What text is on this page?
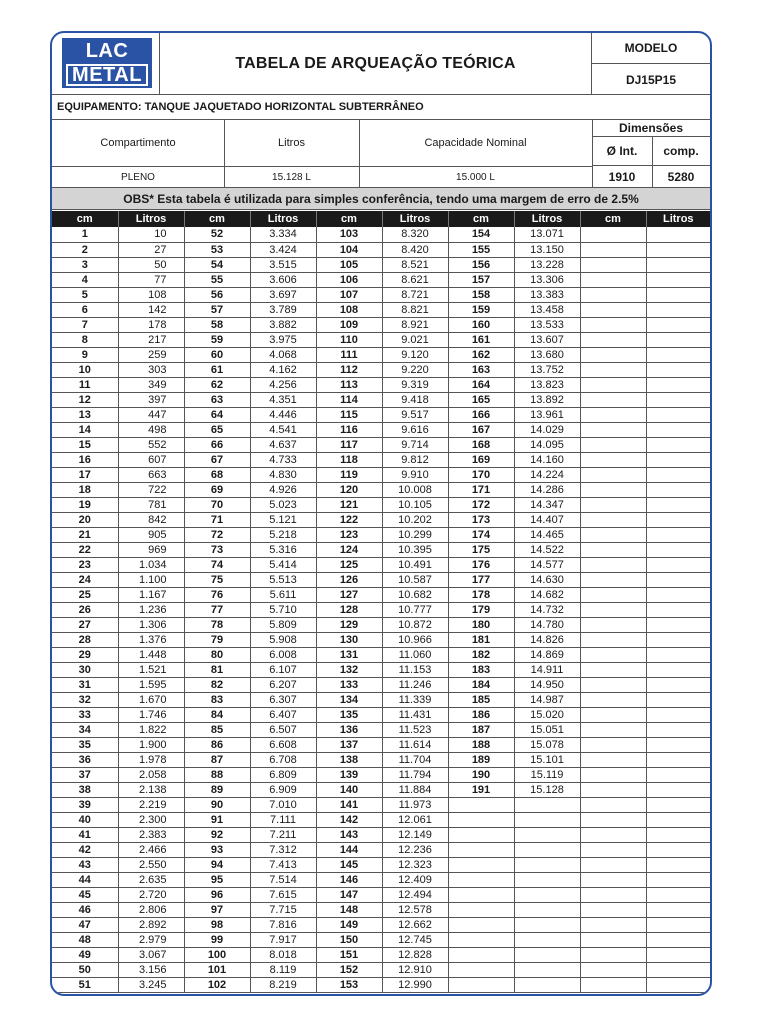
LAC
METAL
TABELA DE ARQUEAÇÃO TEÓRICA
MODELO
DJ15P15
EQUIPAMENTO: TANQUE JAQUETADO HORIZONTAL SUBTERRÂNEO
Compartimento	Litros	Capacidade Nominal
Dimensões
Ø Int.	comp.
PLENO	15.128 L	15.000 L	1910	5280
OBS* Esta tabela é utilizada para simples conferência, tendo uma margem de erro de 2.5%
cm	Litros	cm	Litros	cm	Litros	cm	Litros	cm	Litros
1	10	52	3.334	103	8.320	154	13.071		
2	27	53	3.424	104	8.420	155	13.150		
3	50	54	3.515	105	8.521	156	13.228		
4	77	55	3.606	106	8.621	157	13.306		
5	108	56	3.697	107	8.721	158	13.383		
6	142	57	3.789	108	8.821	159	13.458		
7	178	58	3.882	109	8.921	160	13.533		
8	217	59	3.975	110	9.021	161	13.607		
9	259	60	4.068	111	9.120	162	13.680		
10	303	61	4.162	112	9.220	163	13.752		
11	349	62	4.256	113	9.319	164	13.823		
12	397	63	4.351	114	9.418	165	13.892		
13	447	64	4.446	115	9.517	166	13.961		
14	498	65	4.541	116	9.616	167	14.029		
15	552	66	4.637	117	9.714	168	14.095		
16	607	67	4.733	118	9.812	169	14.160		
17	663	68	4.830	119	9.910	170	14.224		
18	722	69	4.926	120	10.008	171	14.286		
19	781	70	5.023	121	10.105	172	14.347		
20	842	71	5.121	122	10.202	173	14.407		
21	905	72	5.218	123	10.299	174	14.465		
22	969	73	5.316	124	10.395	175	14.522		
23	1.034	74	5.414	125	10.491	176	14.577		
24	1.100	75	5.513	126	10.587	177	14.630		
25	1.167	76	5.611	127	10.682	178	14.682		
26	1.236	77	5.710	128	10.777	179	14.732		
27	1.306	78	5.809	129	10.872	180	14.780		
28	1.376	79	5.908	130	10.966	181	14.826		
29	1.448	80	6.008	131	11.060	182	14.869		
30	1.521	81	6.107	132	11.153	183	14.911		
31	1.595	82	6.207	133	11.246	184	14.950		
32	1.670	83	6.307	134	11.339	185	14.987		
33	1.746	84	6.407	135	11.431	186	15.020		
34	1.822	85	6.507	136	11.523	187	15.051		
35	1.900	86	6.608	137	11.614	188	15.078		
36	1.978	87	6.708	138	11.704	189	15.101		
37	2.058	88	6.809	139	11.794	190	15.119		
38	2.138	89	6.909	140	11.884	191	15.128		
39	2.219	90	7.010	141	11.973				
40	2.300	91	7.111	142	12.061				
41	2.383	92	7.211	143	12.149				
42	2.466	93	7.312	144	12.236				
43	2.550	94	7.413	145	12.323				
44	2.635	95	7.514	146	12.409				
45	2.720	96	7.615	147	12.494				
46	2.806	97	7.715	148	12.578				
47	2.892	98	7.816	149	12.662				
48	2.979	99	7.917	150	12.745				
49	3.067	100	8.018	151	12.828				
50	3.156	101	8.119	152	12.910				
51	3.245	102	8.219	153	12.990				
